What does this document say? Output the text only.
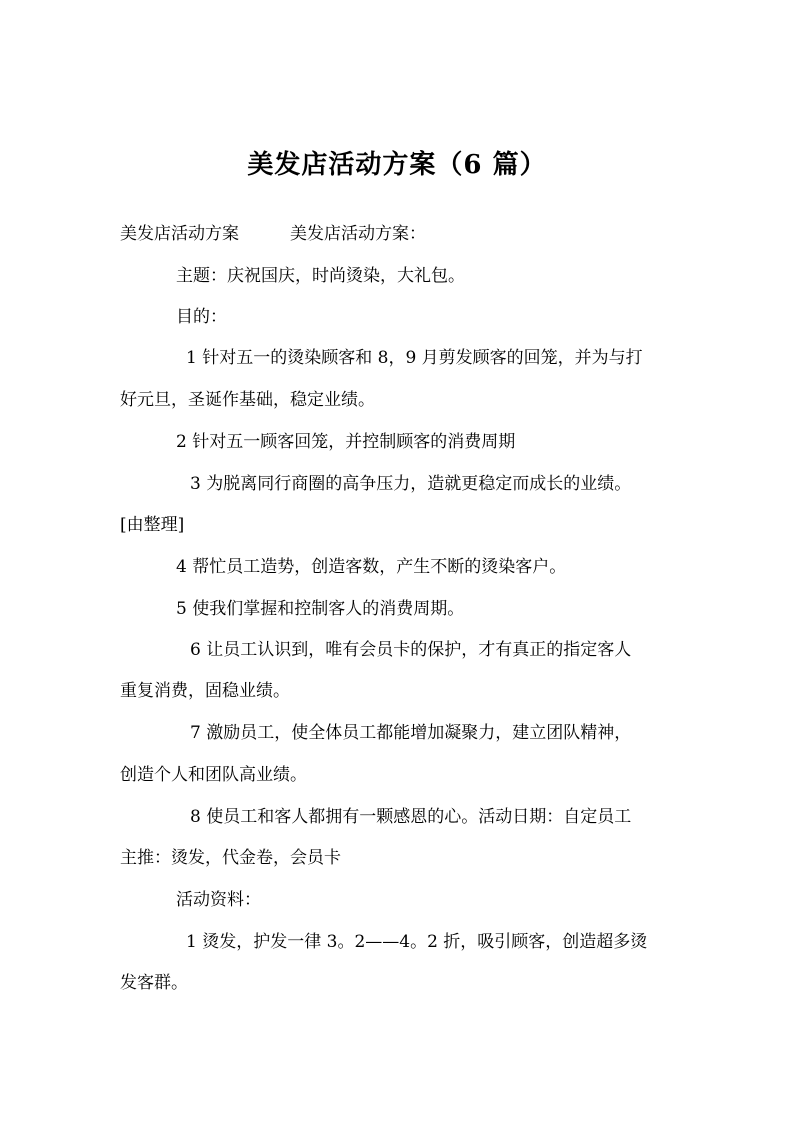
美发店活动方案（6 篇）
美发店活动方案	美发店活动方案：
主题：庆祝国庆，时尚烫染，大礼包。
目的：
1 针对五一的烫染顾客和 8，9 月剪发顾客的回笼，并为与打
好元旦，圣诞作基础，稳定业绩。
2 针对五一顾客回笼，并控制顾客的消费周期
3 为脱离同行商圈的高争压力，造就更稳定而成长的业绩。
[由整理]
4 帮忙员工造势，创造客数，产生不断的烫染客户。
5 使我们掌握和控制客人的消费周期。
6 让员工认识到，唯有会员卡的保护，才有真正的指定客人
重复消费，固稳业绩。
7 激励员工，使全体员工都能增加凝聚力，建立团队精神，
创造个人和团队高业绩。
8 使员工和客人都拥有一颗感恩的心。活动日期：自定员工
主推：烫发，代金卷，会员卡
活动资料：
1 烫发，护发一律 3。2——4。2 折，吸引顾客，创造超多烫
发客群。
